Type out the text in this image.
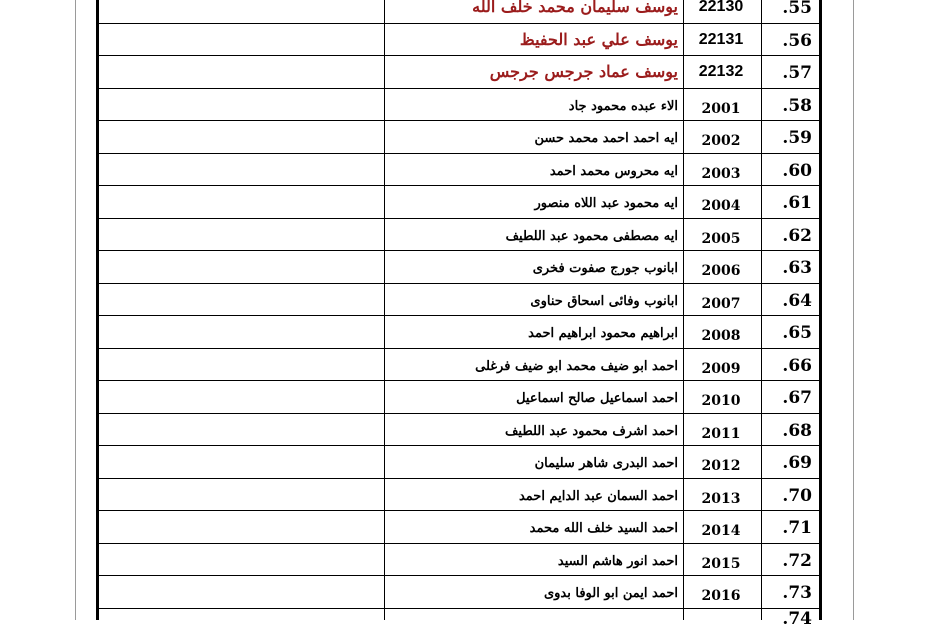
يوسف سليمان محمد خلف الله	22130	.55
يوسف علي عبد الحفيظ	22131	.56
يوسف عماد جرجس جرجس	22132	.57
الاء عبده محمود جاد	2001	.58
ايه احمد احمد محمد حسن	2002	.59
ايه محروس محمد احمد	2003	.60
ايه محمود عبد اللاه منصور	2004	.61
ايه مصطفى محمود عبد اللطيف	2005	.62
ابانوب جورج صفوت فخرى	2006	.63
ابانوب وفائى اسحاق حناوى	2007	.64
ابراهيم محمود ابراهيم احمد	2008	.65
احمد ابو ضيف محمد ابو ضيف فرغلى	2009	.66
احمد اسماعيل صالح اسماعيل	2010	.67
احمد اشرف محمود عبد اللطيف	2011	.68
احمد البدرى شاهر سليمان	2012	.69
احمد السمان عبد الدايم احمد	2013	.70
احمد السيد خلف الله محمد	2014	.71
احمد انور هاشم السيد	2015	.72
احمد ايمن ابو الوفا بدوى	2016	.73
.74
